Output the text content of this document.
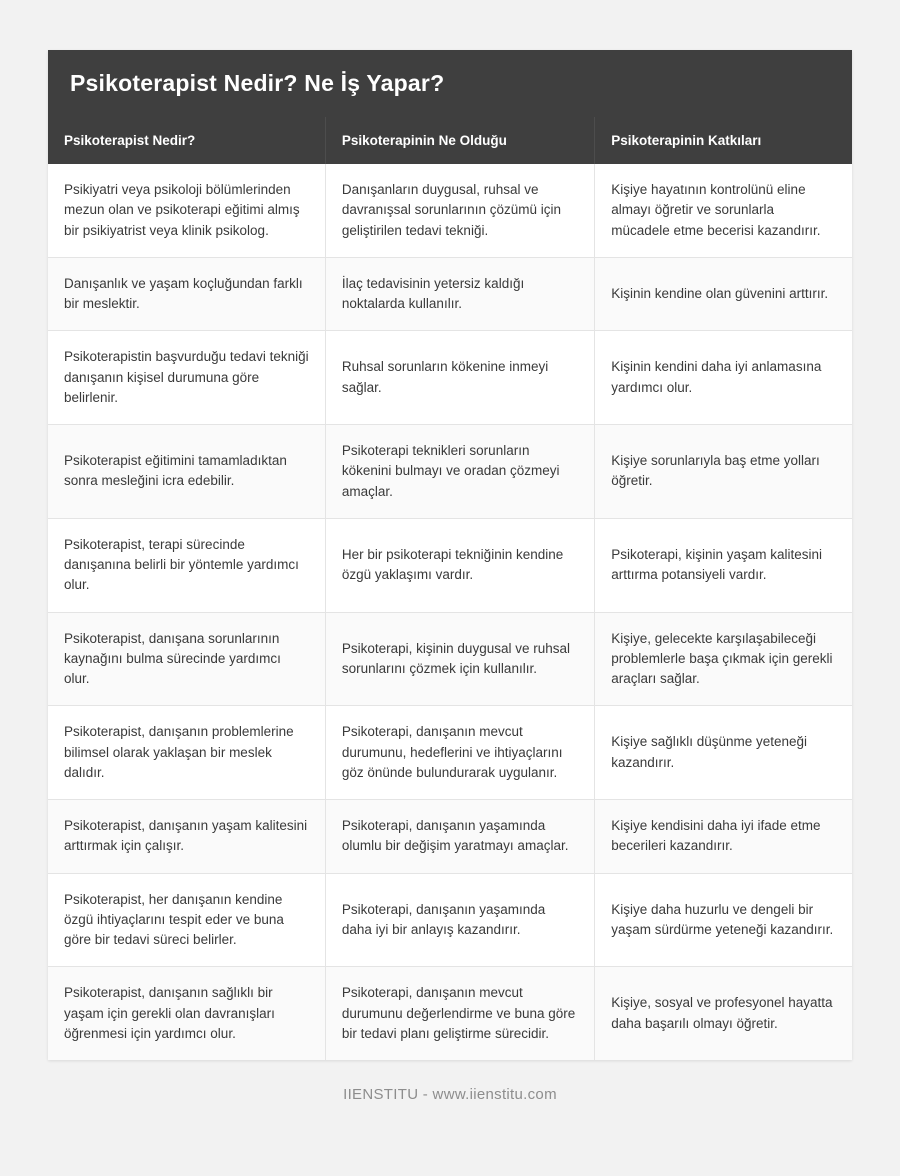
Psikoterapist Nedir? Ne İş Yapar?
Psikoterapist Nedir?	Psikoterapinin Ne Olduğu	Psikoterapinin Katkıları
Psikiyatri veya psikoloji bölümlerinden mezun olan ve psikoterapi eğitimi almış bir psikiyatrist veya klinik psikolog.	Danışanların duygusal, ruhsal ve davranışsal sorunlarının çözümü için geliştirilen tedavi tekniği.	Kişiye hayatının kontrolünü eline almayı öğretir ve sorunlarla mücadele etme becerisi kazandırır.
Danışanlık ve yaşam koçluğundan farklı bir meslektir.	İlaç tedavisinin yetersiz kaldığı noktalarda kullanılır.	Kişinin kendine olan güvenini arttırır.
Psikoterapistin başvurduğu tedavi tekniği danışanın kişisel durumuna göre belirlenir.	Ruhsal sorunların kökenine inmeyi sağlar.	Kişinin kendini daha iyi anlamasına yardımcı olur.
Psikoterapist eğitimini tamamladıktan sonra mesleğini icra edebilir.	Psikoterapi teknikleri sorunların kökenini bulmayı ve oradan çözmeyi amaçlar.	Kişiye sorunlarıyla baş etme yolları öğretir.
Psikoterapist, terapi sürecinde danışanına belirli bir yöntemle yardımcı olur.	Her bir psikoterapi tekniğinin kendine özgü yaklaşımı vardır.	Psikoterapi, kişinin yaşam kalitesini arttırma potansiyeli vardır.
Psikoterapist, danışana sorunlarının kaynağını bulma sürecinde yardımcı olur.	Psikoterapi, kişinin duygusal ve ruhsal sorunlarını çözmek için kullanılır.	Kişiye, gelecekte karşılaşabileceği problemlerle başa çıkmak için gerekli araçları sağlar.
Psikoterapist, danışanın problemlerine bilimsel olarak yaklaşan bir meslek dalıdır.	Psikoterapi, danışanın mevcut durumunu, hedeflerini ve ihtiyaçlarını göz önünde bulundurarak uygulanır.	Kişiye sağlıklı düşünme yeteneği kazandırır.
Psikoterapist, danışanın yaşam kalitesini arttırmak için çalışır.	Psikoterapi, danışanın yaşamında olumlu bir değişim yaratmayı amaçlar.	Kişiye kendisini daha iyi ifade etme becerileri kazandırır.
Psikoterapist, her danışanın kendine özgü ihtiyaçlarını tespit eder ve buna göre bir tedavi süreci belirler.	Psikoterapi, danışanın yaşamında daha iyi bir anlayış kazandırır.	Kişiye daha huzurlu ve dengeli bir yaşam sürdürme yeteneği kazandırır.
Psikoterapist, danışanın sağlıklı bir yaşam için gerekli olan davranışları öğrenmesi için yardımcı olur.	Psikoterapi, danışanın mevcut durumunu değerlendirme ve buna göre bir tedavi planı geliştirme sürecidir.	Kişiye, sosyal ve profesyonel hayatta daha başarılı olmayı öğretir.
IIENSTITU - www.iienstitu.com
